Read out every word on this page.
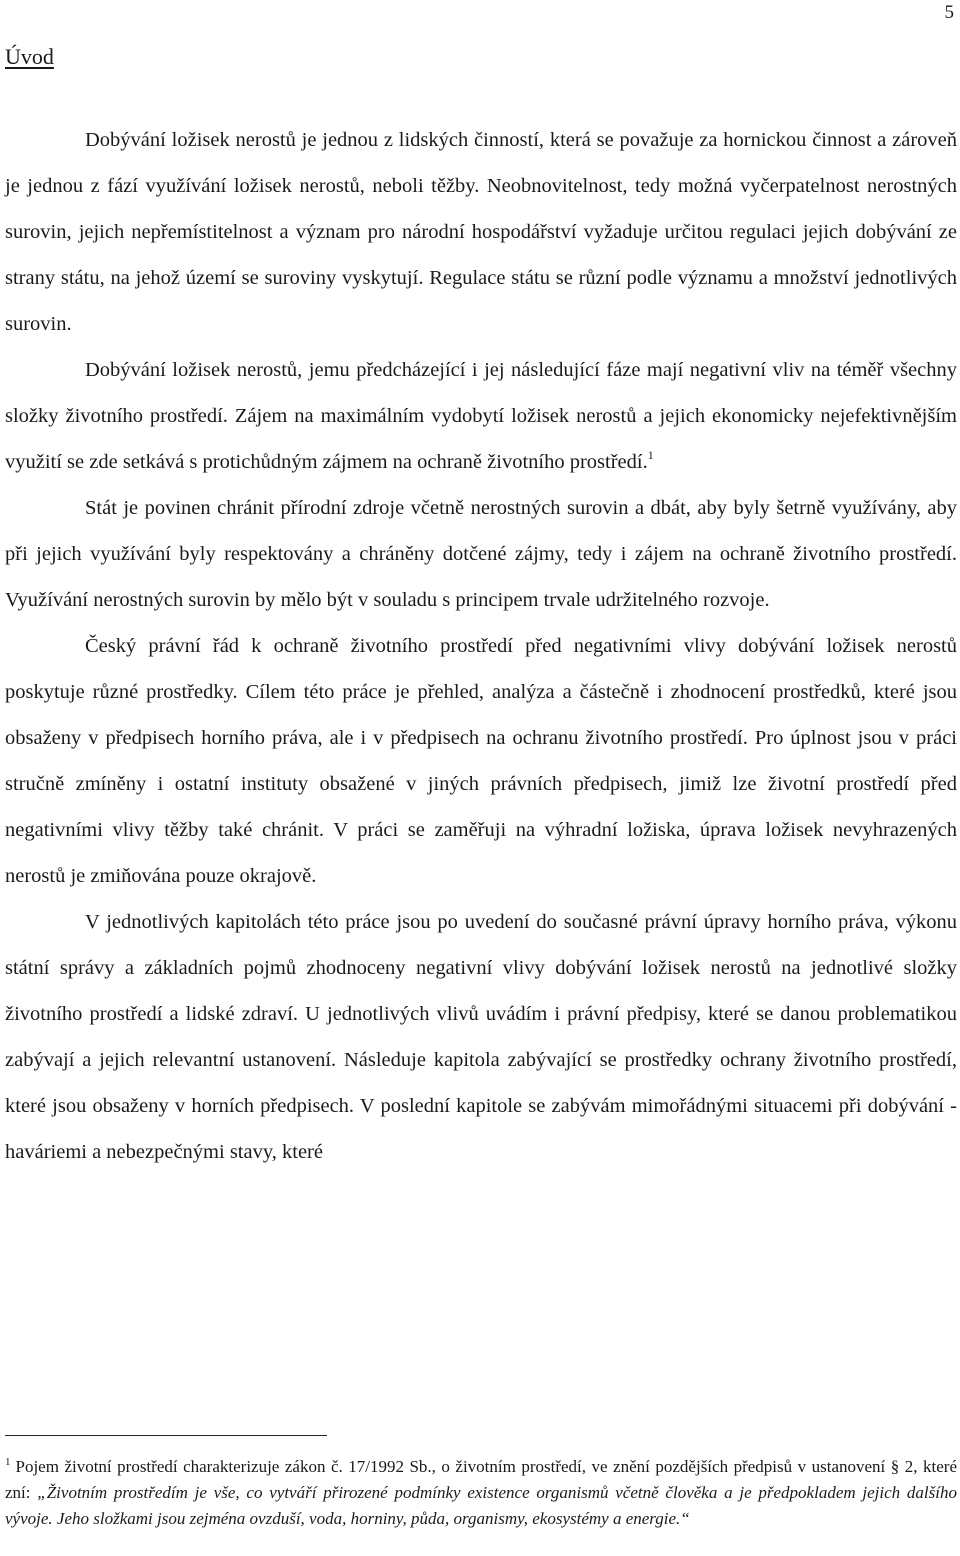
5

Úvod

Dobývání ložisek nerostů je jednou z lidských činností, která se považuje za hornickou činnost a zároveň je jednou z fází využívání ložisek nerostů, neboli těžby. Neobnovitelnost, tedy možná vyčerpatelnost nerostných surovin, jejich nepřemístitelnost a význam pro národní hospodářství vyžaduje určitou regulaci jejich dobývání ze strany státu, na jehož území se suroviny vyskytují. Regulace státu se různí podle významu a množství jednotlivých surovin.

Dobývání ložisek nerostů, jemu předcházející i jej následující fáze mají negativní vliv na téměř všechny složky životního prostředí. Zájem na maximálním vydobytí ložisek nerostů a jejich ekonomicky nejefektivnějším využití se zde setkává s protichůdným zájmem na ochraně životního prostředí.$^1$

Stát je povinen chránit přírodní zdroje včetně nerostných surovin a dbát, aby byly šetrně využívány, aby při jejich využívání byly respektovány a chráněny dotčené zájmy, tedy i zájem na ochraně životního prostředí. Využívání nerostných surovin by mělo být v souladu s principem trvale udržitelného rozvoje.

Český právní řád k ochraně životního prostředí před negativními vlivy dobývání ložisek nerostů poskytuje různé prostředky. Cílem této práce je přehled, analýza a částečně i zhodnocení prostředků, které jsou obsaženy v předpisech horního práva, ale i v předpisech na ochranu životního prostředí. Pro úplnost jsou v práci stručně zmíněny i ostatní instituty obsažené v jiných právních předpisech, jimiž lze životní prostředí před negativními vlivy těžby také chránit. V práci se zaměřuji na výhradní ložiska, úprava ložisek nevyhrazených nerostů je zmiňována pouze okrajově.

V jednotlivých kapitolách této práce jsou po uvedení do současné právní úpravy horního práva, výkonu státní správy a základních pojmů zhodnoceny negativní vlivy dobývání ložisek nerostů na jednotlivé složky životního prostředí a lidské zdraví. U jednotlivých vlivů uvádím i právní předpisy, které se danou problematikou zabývají a jejich relevantní ustanovení. Následuje kapitola zabývající se prostředky ochrany životního prostředí, které jsou obsaženy v horních předpisech. V poslední kapitole se zabývám mimořádnými situacemi při dobývání - haváriemi a nebezpečnými stavy, které

$^1$ Pojem životní prostředí charakterizuje zákon č. 17/1992 Sb., o životním prostředí, ve znění pozdějších předpisů v ustanovení § 2, které zní: „Životním prostředím je vše, co vytváří přirozené podmínky existence organismů včetně člověka a je předpokladem jejich dalšího vývoje. Jeho složkami jsou zejména ovzduší, voda, horniny, půda, organismy, ekosystémy a energie.“
